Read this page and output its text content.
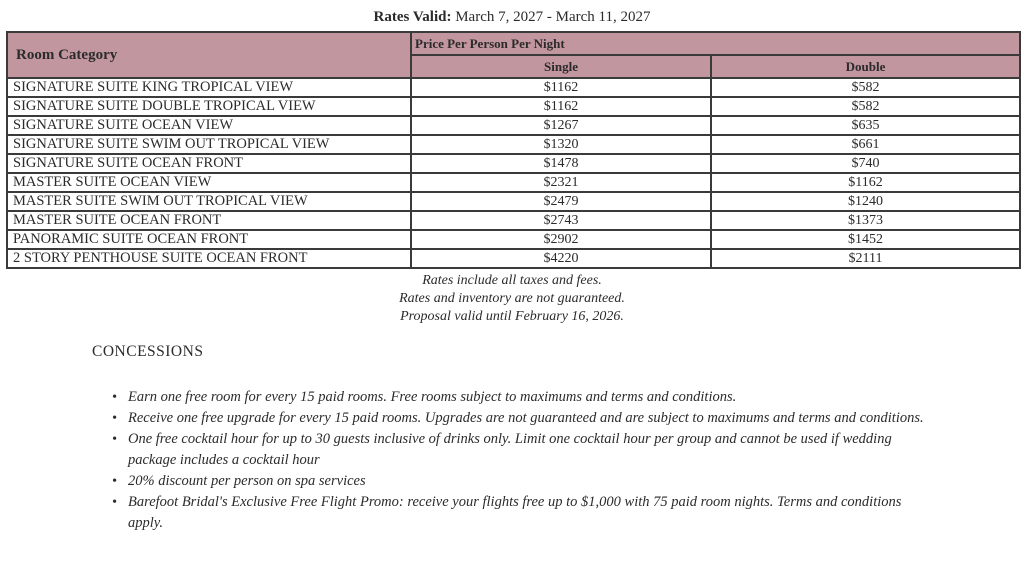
Rates Valid: March 7, 2027 - March 11, 2027
Room Category	Price Per Person Per Night	
	Single	Double
SIGNATURE SUITE KING TROPICAL VIEW	$1162	$582
SIGNATURE SUITE DOUBLE TROPICAL VIEW	$1162	$582
SIGNATURE SUITE OCEAN VIEW	$1267	$635
SIGNATURE SUITE SWIM OUT TROPICAL VIEW	$1320	$661
SIGNATURE SUITE OCEAN FRONT	$1478	$740
MASTER SUITE OCEAN VIEW	$2321	$1162
MASTER SUITE SWIM OUT TROPICAL VIEW	$2479	$1240
MASTER SUITE OCEAN FRONT	$2743	$1373
PANORAMIC SUITE OCEAN FRONT	$2902	$1452
2 STORY PENTHOUSE SUITE OCEAN FRONT	$4220	$2111
Rates include all taxes and fees.
Rates and inventory are not guaranteed.
Proposal valid until February 16, 2026.
CONCESSIONS
• Earn one free room for every 15 paid rooms. Free rooms subject to maximums and terms and conditions.
• Receive one free upgrade for every 15 paid rooms. Upgrades are not guaranteed and are subject to maximums and terms and conditions.
• One free cocktail hour for up to 30 guests inclusive of drinks only. Limit one cocktail hour per group and cannot be used if wedding package includes a cocktail hour
• 20% discount per person on spa services
• Barefoot Bridal's Exclusive Free Flight Promo: receive your flights free up to $1,000 with 75 paid room nights. Terms and conditions apply.
